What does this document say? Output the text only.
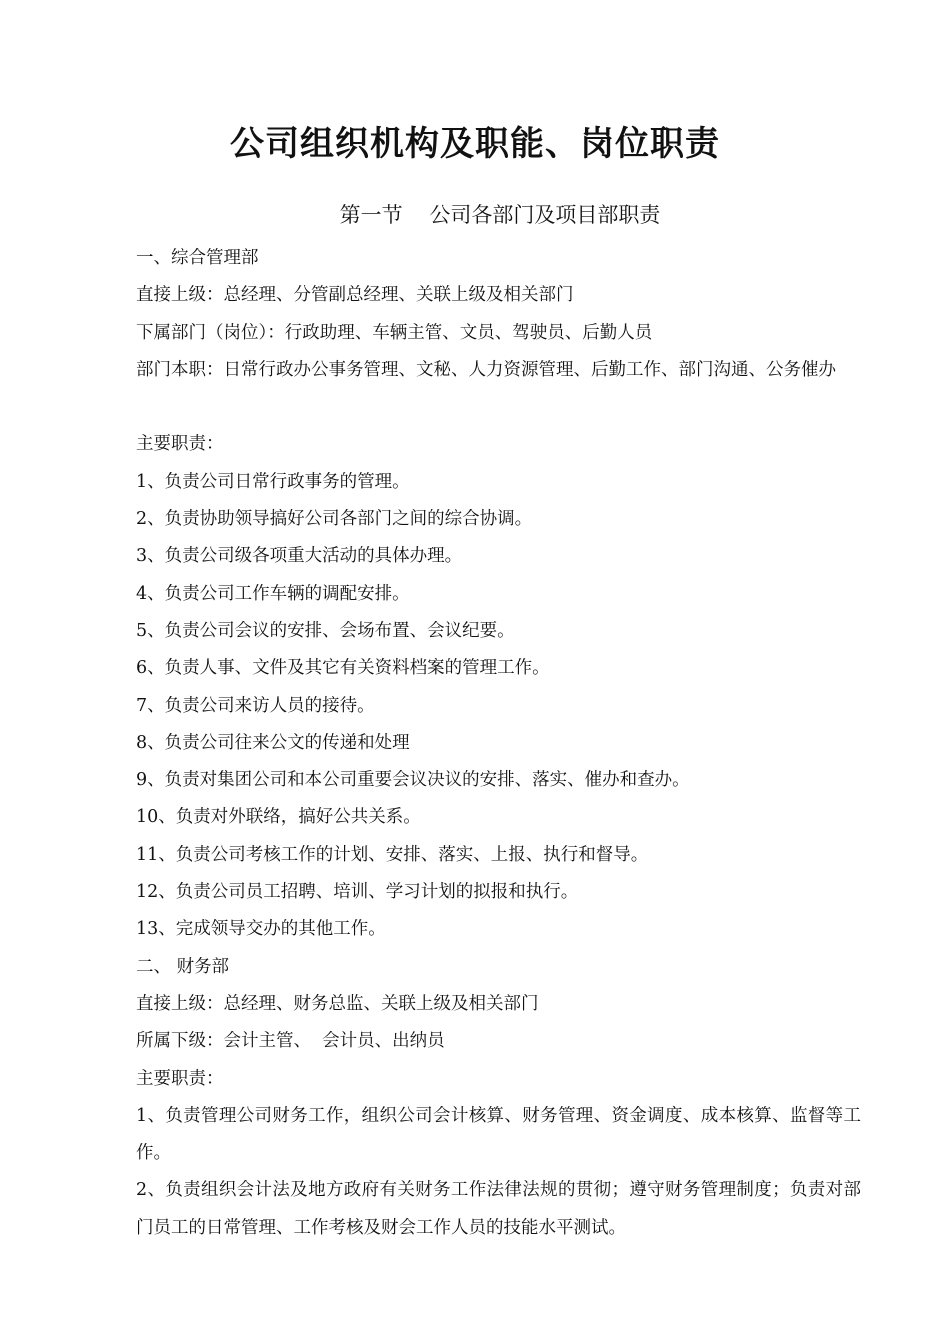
公司组织机构及职能、岗位职责
第一节    公司各部门及项目部职责
一、综合管理部
直接上级：总经理、分管副总经理、关联上级及相关部门
下属部门（岗位）：行政助理、车辆主管、文员、驾驶员、后勤人员
部门本职：日常行政办公事务管理、文秘、人力资源管理、后勤工作、部门沟通、公务催办
主要职责：
1、负责公司日常行政事务的管理。
2、负责协助领导搞好公司各部门之间的综合协调。
3、负责公司级各项重大活动的具体办理。
4、负责公司工作车辆的调配安排。
5、负责公司会议的安排、会场布置、会议纪要。
6、负责人事、文件及其它有关资料档案的管理工作。
7、负责公司来访人员的接待。
8、负责公司往来公文的传递和处理
9、负责对集团公司和本公司重要会议决议的安排、落实、催办和查办。
10、负责对外联络，搞好公共关系。
11、负责公司考核工作的计划、安排、落实、上报、执行和督导。
12、负责公司员工招聘、培训、学习计划的拟报和执行。
13、完成领导交办的其他工作。
二、 财务部
直接上级：总经理、财务总监、关联上级及相关部门
所属下级：会计主管、  会计员、出纳员
主要职责：
1、负责管理公司财务工作，组织公司会计核算、财务管理、资金调度、成本核算、监督等工作。
2、负责组织会计法及地方政府有关财务工作法律法规的贯彻；遵守财务管理制度；负责对部门员工的日常管理、工作考核及财会工作人员的技能水平测试。
